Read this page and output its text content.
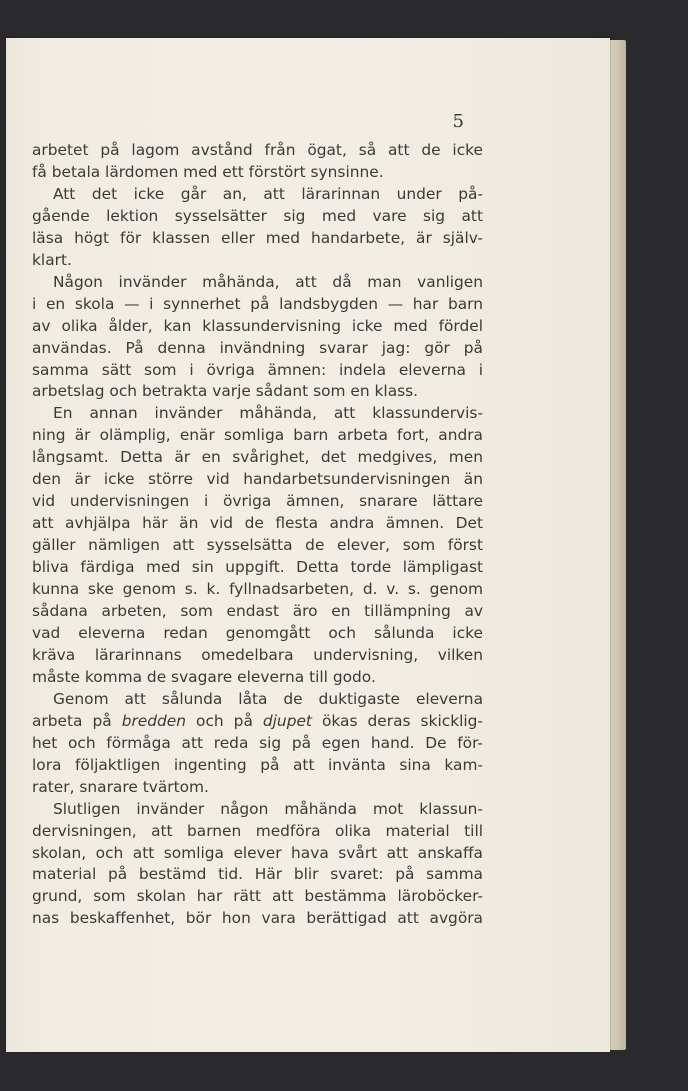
5

arbetet på lagom avstånd från ögat, så att de icke
få betala lärdomen med ett förstört synsinne.
Att det icke går an, att lärarinnan under på-
gående lektion sysselsätter sig med vare sig att
läsa högt för klassen eller med handarbete, är själv-
klart.
Någon invänder måhända, att då man vanligen
i en skola — i synnerhet på landsbygden — har barn
av olika ålder, kan klassundervisning icke med fördel
användas. På denna invändning svarar jag: gör på
samma sätt som i övriga ämnen: indela eleverna i
arbetslag och betrakta varje sådant som en klass.
En annan invänder måhända, att klassundervis-
ning är olämplig, enär somliga barn arbeta fort, andra
långsamt. Detta är en svårighet, det medgives, men
den är icke större vid handarbetsundervisningen än
vid undervisningen i övriga ämnen, snarare lättare
att avhjälpa här än vid de flesta andra ämnen. Det
gäller nämligen att sysselsätta de elever, som först
bliva färdiga med sin uppgift. Detta torde lämpligast
kunna ske genom s. k. fyllnadsarbeten, d. v. s. genom
sådana arbeten, som endast äro en tillämpning av
vad eleverna redan genomgått och sålunda icke
kräva lärarinnans omedelbara undervisning, vilken
måste komma de svagare eleverna till godo.
Genom att sålunda låta de duktigaste eleverna
arbeta på bredden och på djupet ökas deras skicklig-
het och förmåga att reda sig på egen hand. De för-
lora följaktligen ingenting på att invänta sina kam-
rater, snarare tvärtom.
Slutligen invänder någon måhända mot klassun-
dervisningen, att barnen medföra olika material till
skolan, och att somliga elever hava svårt att anskaffa
material på bestämd tid. Här blir svaret: på samma
grund, som skolan har rätt att bestämma läroböcker-
nas beskaffenhet, bör hon vara berättigad att avgöra
